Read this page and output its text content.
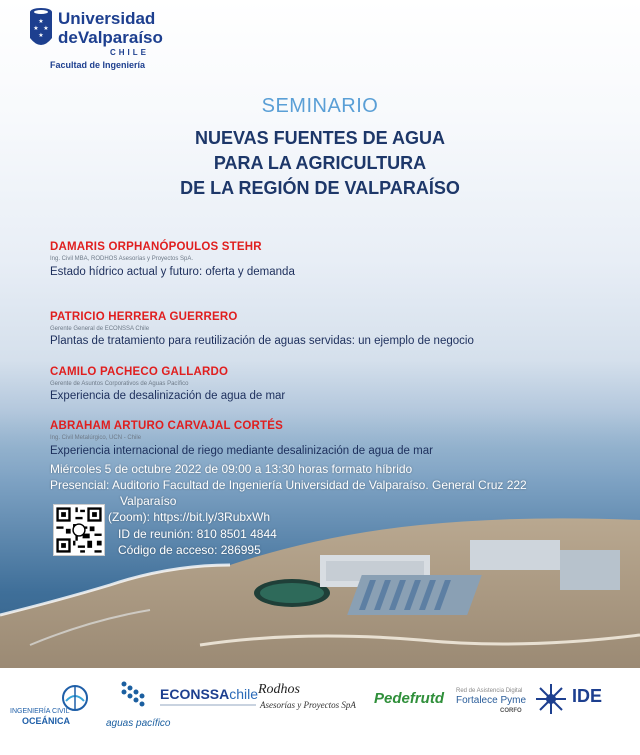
★
★ ★
★
Universidad
deValparaíso
CHILE
Facultad de Ingeniería
SEMINARIO
NUEVAS FUENTES DE AGUA
PARA LA AGRICULTURA
DE LA REGIÓN DE VALPARAÍSO
DAMARIS ORPHANÓPOULOS STEHR
Ing. Civil MBA, RODHOS Asesorías y Proyectos SpA.
Estado hídrico actual y futuro: oferta y demanda
PATRICIO HERRERA GUERRERO
Gerente General de ECONSSA Chile
Plantas de tratamiento para reutilización de aguas servidas: un ejemplo de negocio
CAMILO PACHECO GALLARDO
Gerente de Asuntos Corporativos de Aguas Pacífico
Experiencia de desalinización de agua de mar
ABRAHAM ARTURO CARVAJAL CORTÉS
Ing. Civil Metalúrgico, UCN - Chile
Experiencia internacional de riego mediante desalinización de agua de mar
Miércoles 5 de octubre 2022 de 09:00 a 13:30 horas formato híbrido
Presencial: Auditorio Facultad de Ingeniería Universidad de Valparaíso. General Cruz 222
Valparaíso
(Zoom): https://bit.ly/3RubxWh
ID de reunión: 810 8501 4844
Código de acceso: 286995
INGENIERÍA CIVIL
OCEÁNICA	aguas pacífico
ECONSSAchile Rodhos
Asesorías y Proyectos SpA Pedefrutd Red de Asistencia Digital
Fortalece Pyme
CORFO
IDE
